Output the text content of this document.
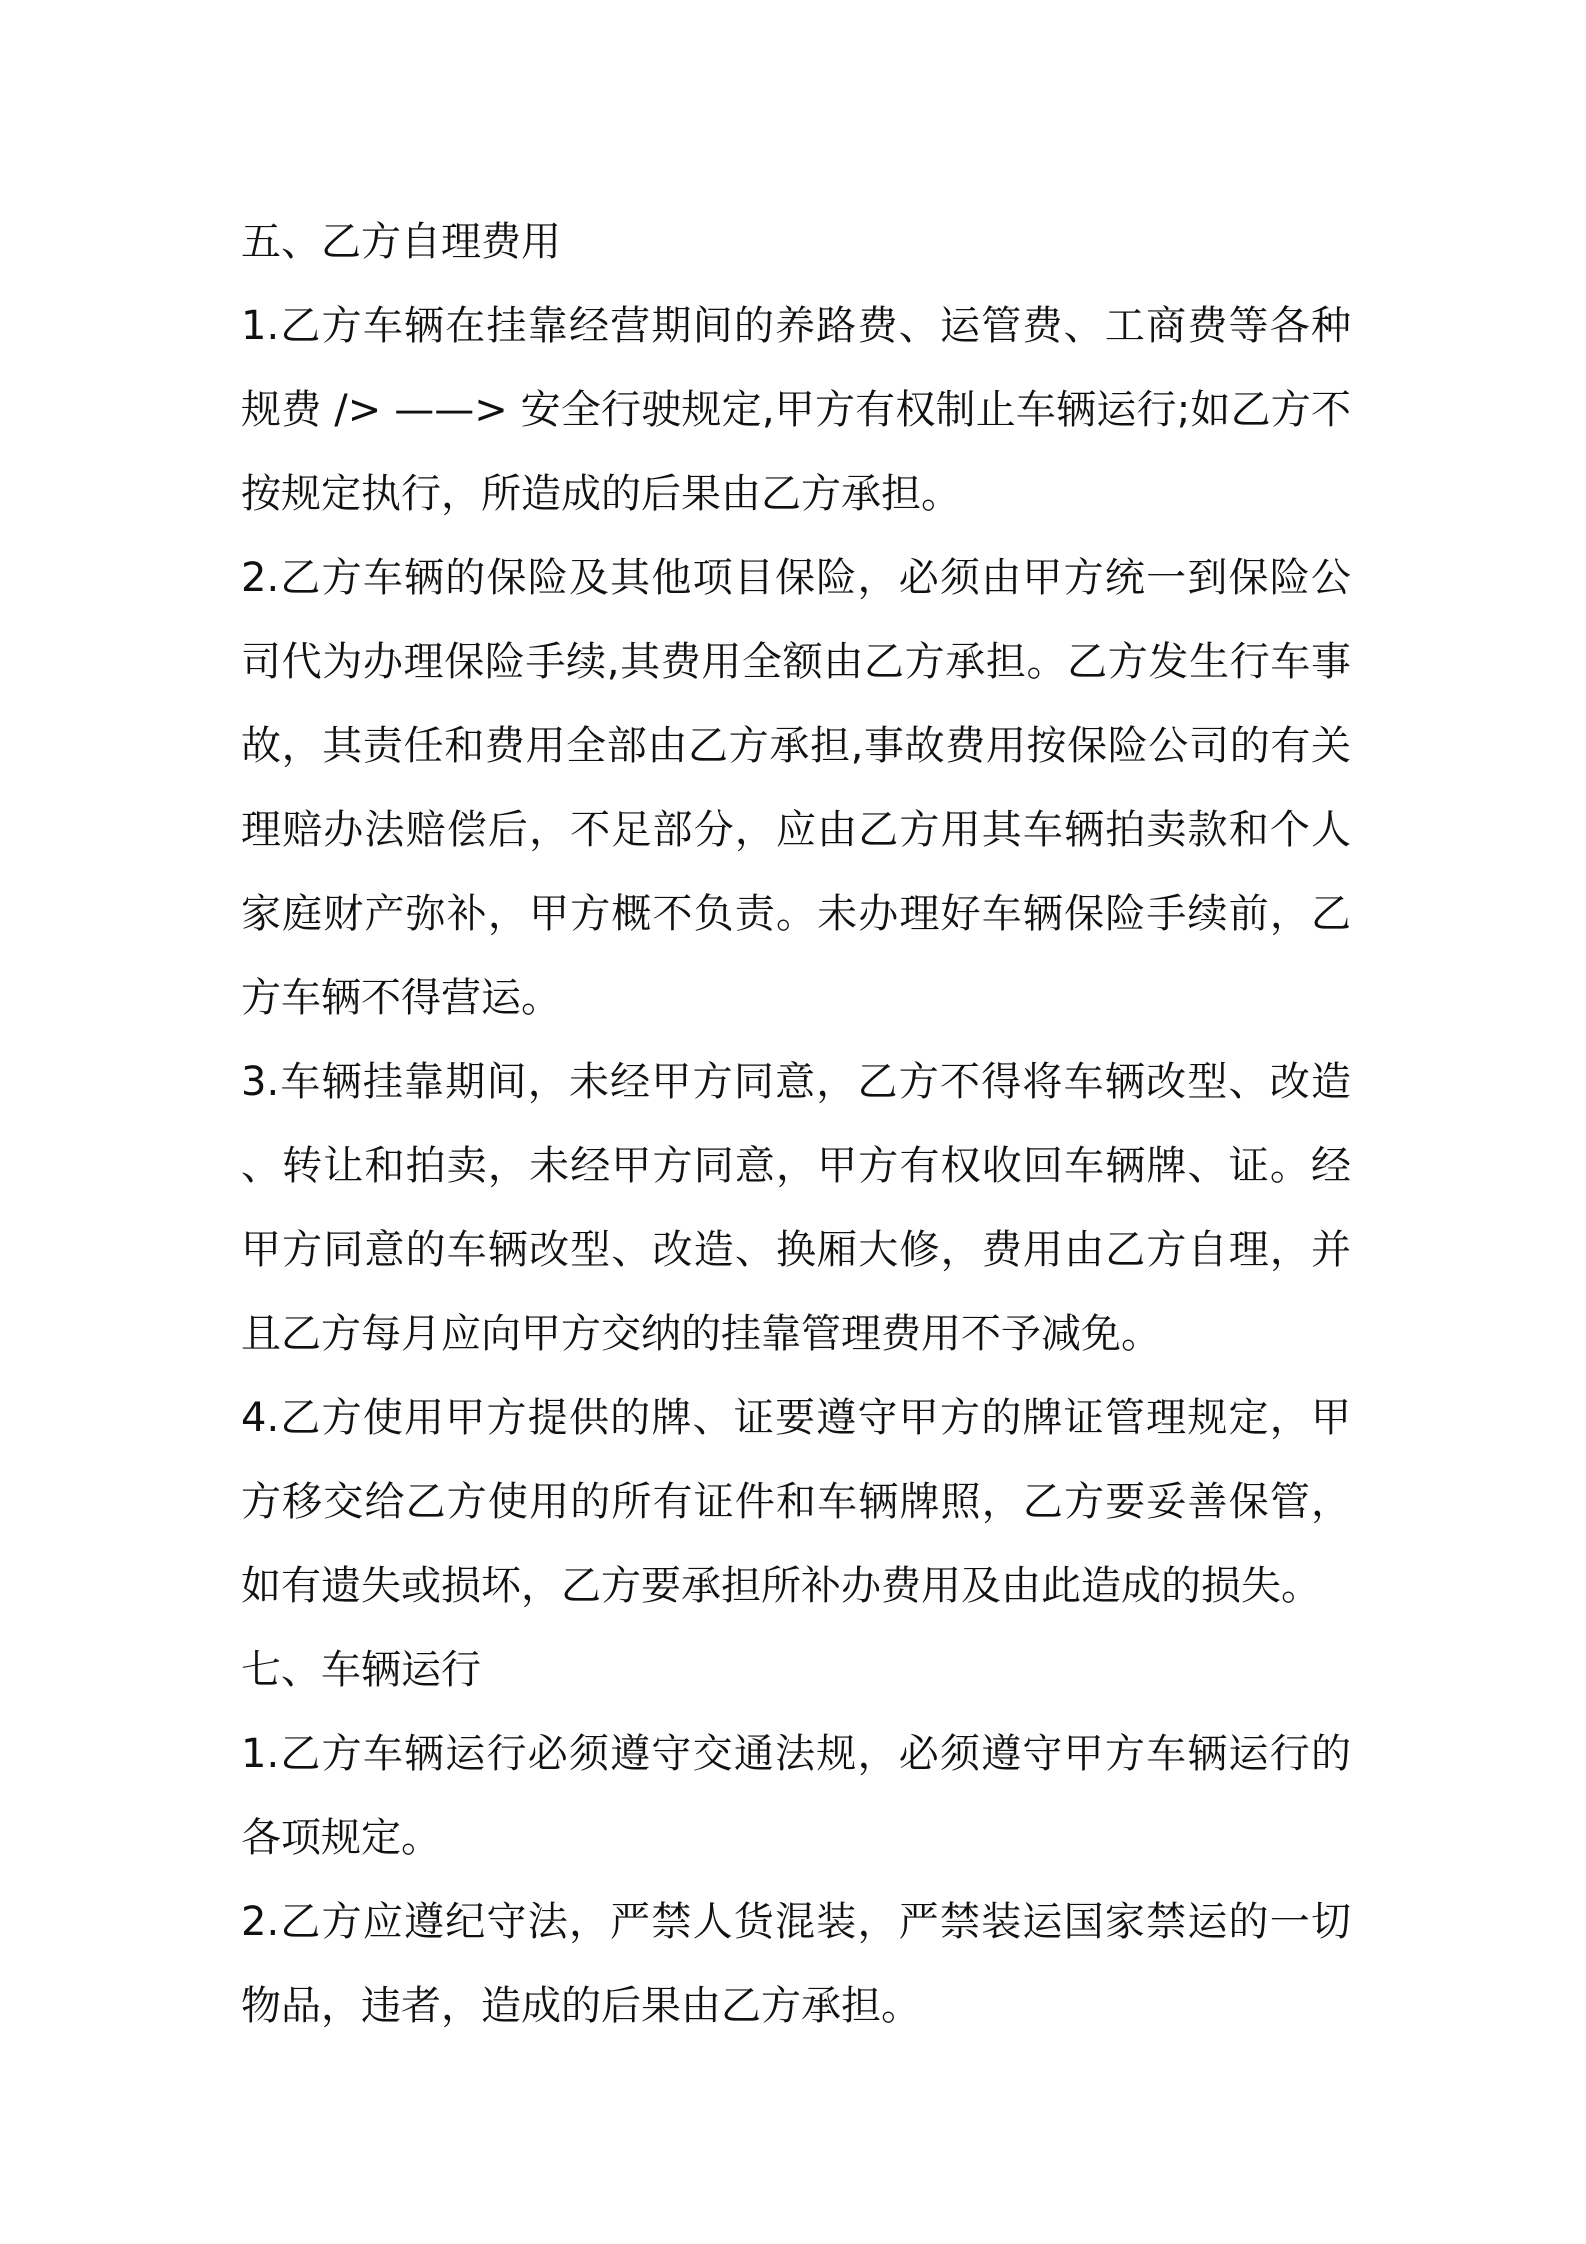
五、乙方自理费用

1.乙方车辆在挂靠经营期间的养路费、运管费、工商费等各种规费 /> ——> 安全行驶规定,甲方有权制止车辆运行;如乙方不按规定执行，所造成的后果由乙方承担。

2.乙方车辆的保险及其他项目保险，必须由甲方统一到保险公司代为办理保险手续,其费用全额由乙方承担。乙方发生行车事故，其责任和费用全部由乙方承担,事故费用按保险公司的有关理赔办法赔偿后，不足部分，应由乙方用其车辆拍卖款和个人家庭财产弥补，甲方概不负责。未办理好车辆保险手续前，乙方车辆不得营运。

3.车辆挂靠期间，未经甲方同意，乙方不得将车辆改型、改造、转让和拍卖，未经甲方同意，甲方有权收回车辆牌、证。经甲方同意的车辆改型、改造、换厢大修，费用由乙方自理，并且乙方每月应向甲方交纳的挂靠管理费用不予减免。

4.乙方使用甲方提供的牌、证要遵守甲方的牌证管理规定，甲方移交给乙方使用的所有证件和车辆牌照，乙方要妥善保管，如有遗失或损坏，乙方要承担所补办费用及由此造成的损失。

七、车辆运行

1.乙方车辆运行必须遵守交通法规，必须遵守甲方车辆运行的各项规定。

2.乙方应遵纪守法，严禁人货混装，严禁装运国家禁运的一切物品，违者，造成的后果由乙方承担。
